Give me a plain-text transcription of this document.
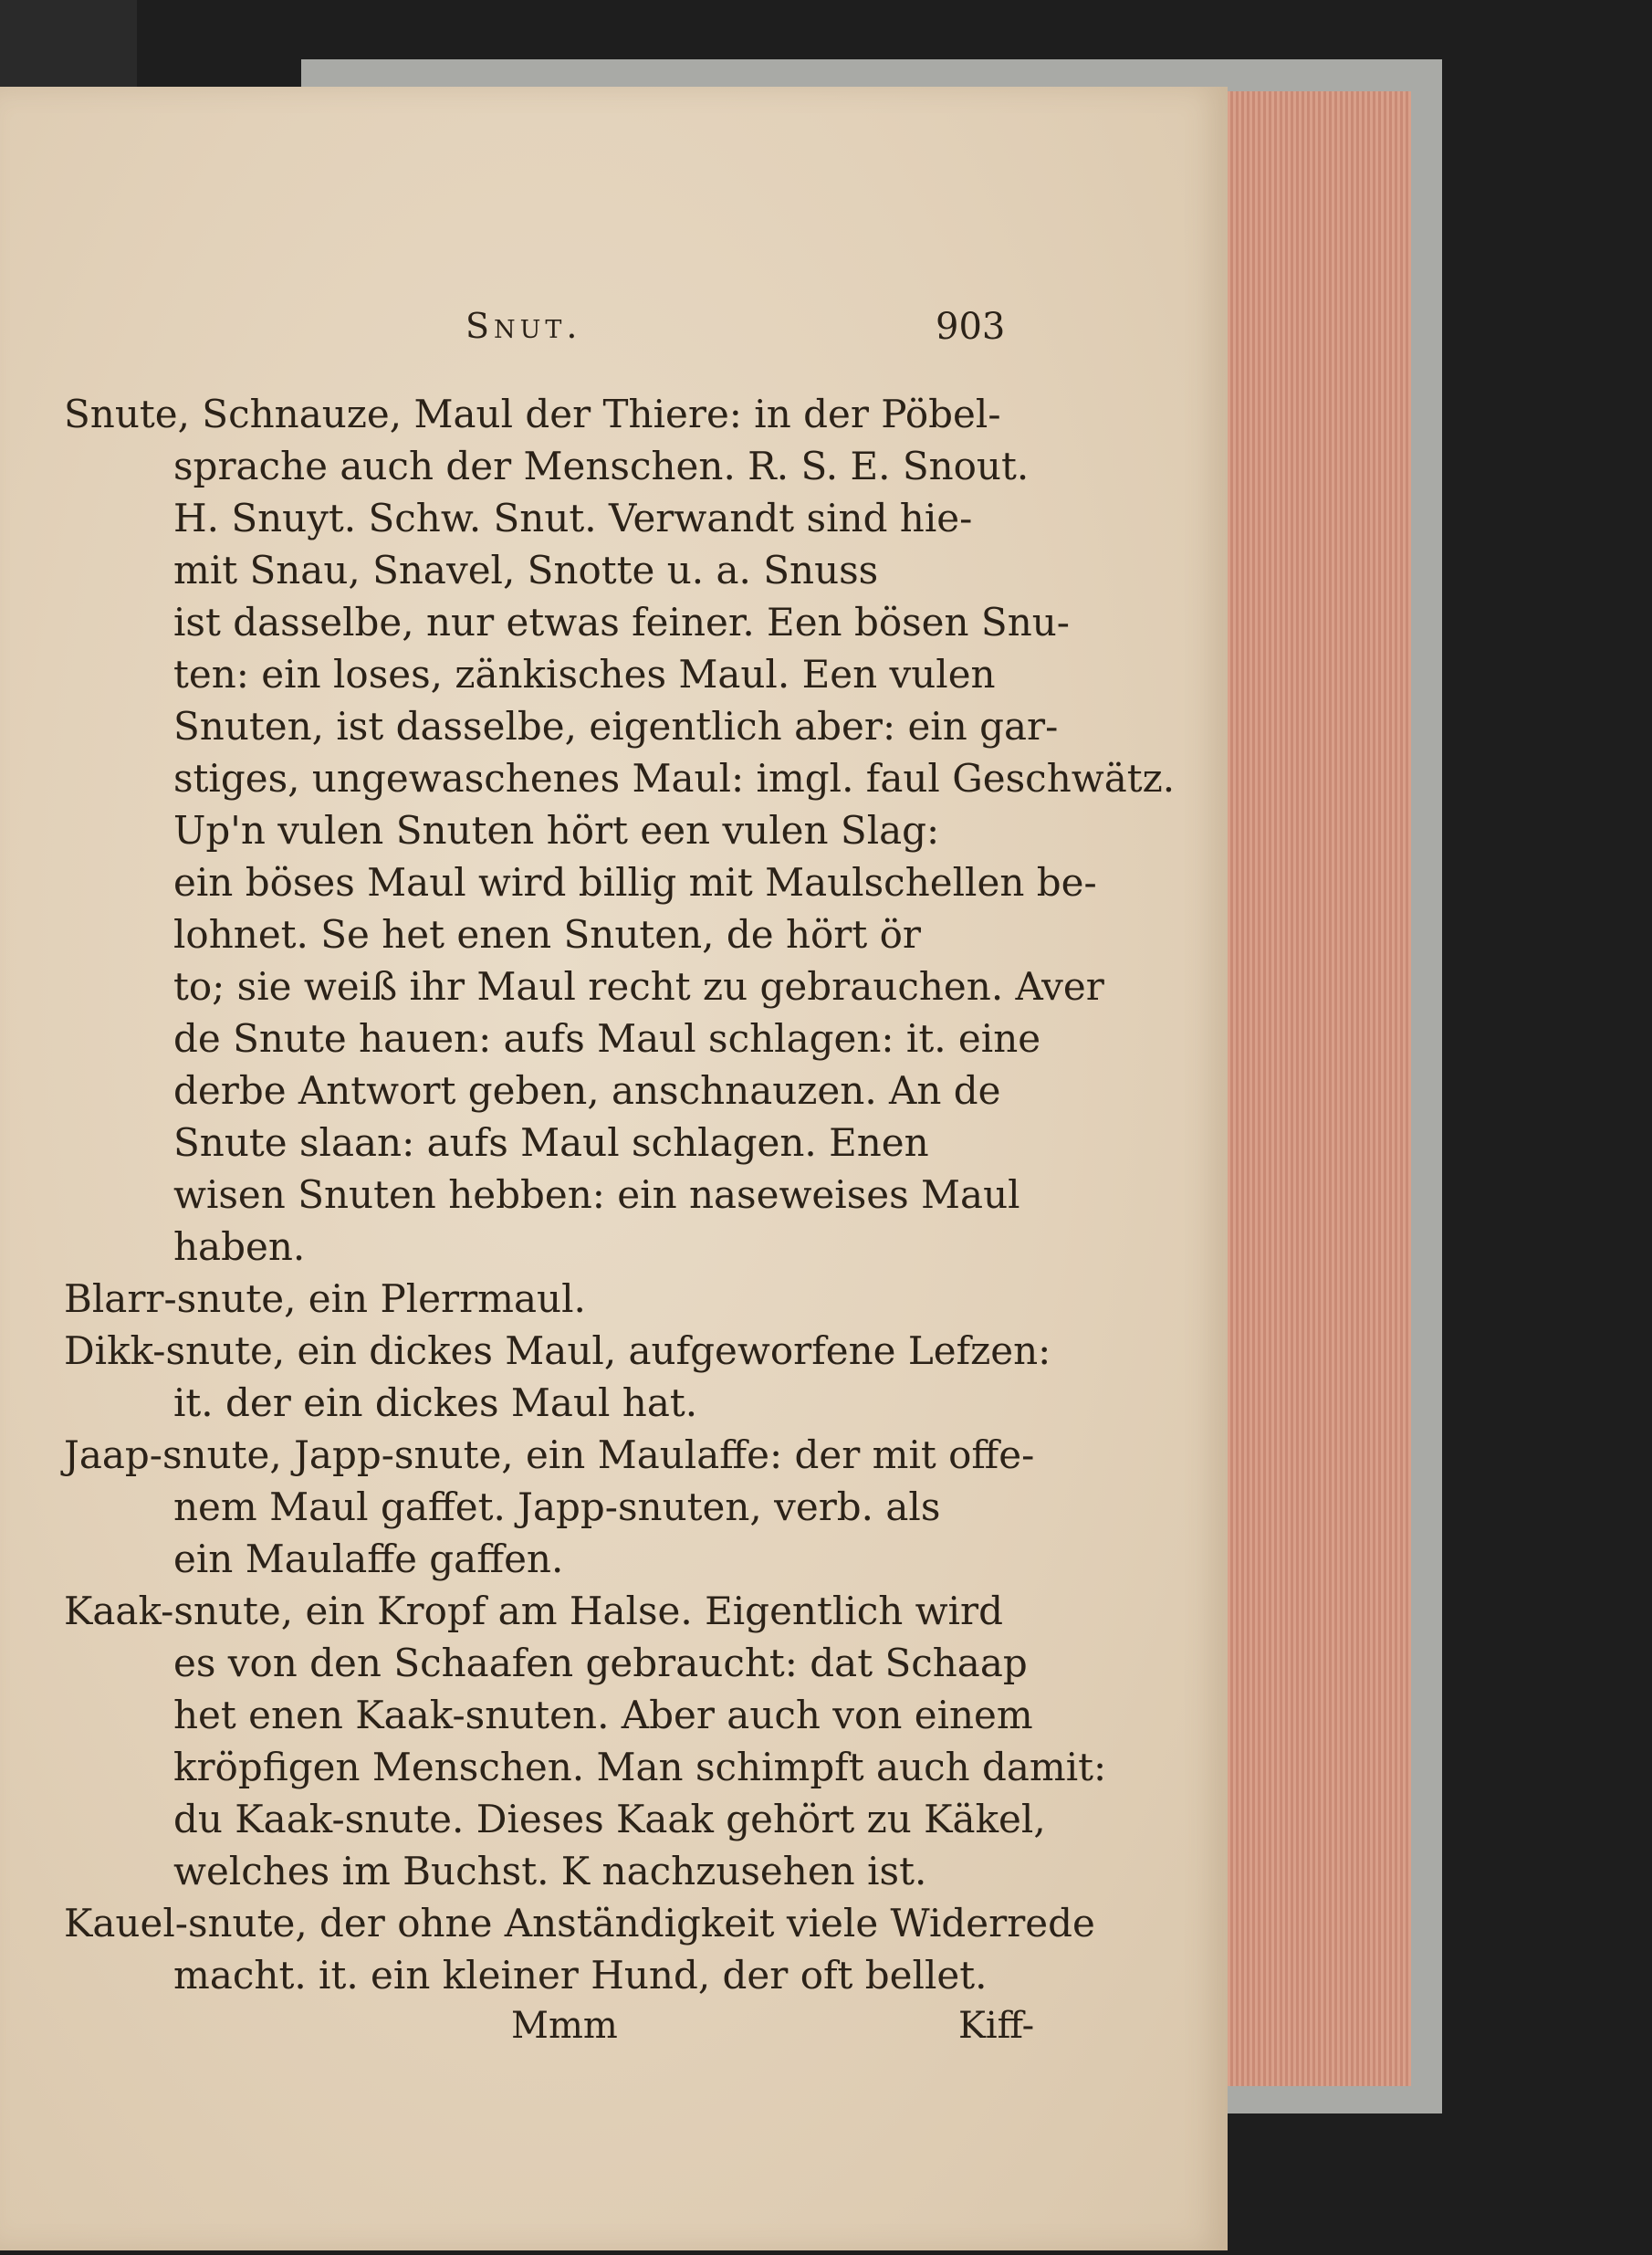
Snut.	903
Snute, Schnauze, Maul der Thiere: in der Pöbel-
sprache auch der Menschen. R. S. E. Snout.
H. Snuyt. Schw. Snut. Verwandt sind hie-
mit Snau, Snavel, Snotte u. a. Snuss
ist dasselbe, nur etwas feiner. Een bösen Snu-
ten: ein loses, zänkisches Maul. Een vulen
Snuten, ist dasselbe, eigentlich aber: ein gar-
stiges, ungewaschenes Maul: imgl. faul Geschwätz.
Up'n vulen Snuten hört een vulen Slag:
ein böses Maul wird billig mit Maulschellen be-
lohnet. Se het enen Snuten, de hört ör
to; sie weiß ihr Maul recht zu gebrauchen. Aver
de Snute hauen: aufs Maul schlagen: it. eine
derbe Antwort geben, anschnauzen. An de
Snute slaan: aufs Maul schlagen. Enen
wisen Snuten hebben: ein naseweises Maul
haben.
Blarr-snute, ein Plerrmaul.
Dikk-snute, ein dickes Maul, aufgeworfene Lefzen:
it. der ein dickes Maul hat.
Jaap-snute, Japp-snute, ein Maulaffe: der mit offe-
nem Maul gaffet. Japp-snuten, verb. als
ein Maulaffe gaffen.
Kaak-snute, ein Kropf am Halse. Eigentlich wird
es von den Schaafen gebraucht: dat Schaap
het enen Kaak-snuten. Aber auch von einem
kröpfigen Menschen. Man schimpft auch damit:
du Kaak-snute. Dieses Kaak gehört zu Käkel,
welches im Buchst. K nachzusehen ist.
Kauel-snute, der ohne Anständigkeit viele Widerrede
macht. it. ein kleiner Hund, der oft bellet.
Mmm	Kiff-
